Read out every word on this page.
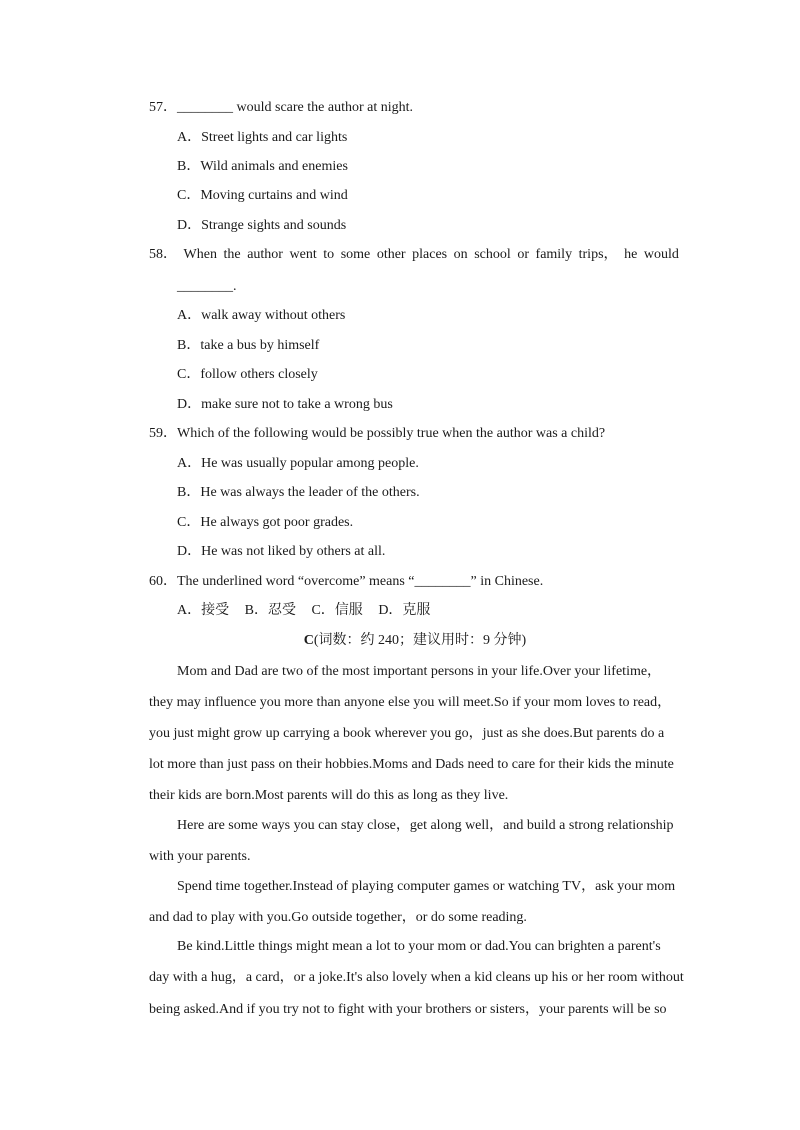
57．________ would scare the author at night.
A．Street lights and car lights
B．Wild animals and enemies
C．Moving curtains and wind
D．Strange sights and sounds
58． When the author went to some other places on school or family trips， he would
________.
A．walk away without others
B．take a bus by himself
C．follow others closely
D．make sure not to take a wrong bus
59．Which of the following would be possibly true when the author was a child?
A．He was usually popular among people.
B．He was always the leader of the others.
C．He always got poor grades.
D．He was not liked by others at all.
60．The underlined word “overcome” means “________” in Chinese.
A．接受 B．忍受 C．信服 D．克服
C(词数：约 240；建议用时：9 分钟)
Mom and Dad are two of the most important persons in your life.Over your lifetime，
they may influence you more than anyone else you will meet.So if your mom loves to read，
you just might grow up carrying a book wherever you go，just as she does.But parents do a
lot more than just pass on their hobbies.Moms and Dads need to care for their kids the minute
their kids are born.Most parents will do this as long as they live.
Here are some ways you can stay close，get along well，and build a strong relationship
with your parents.
Spend time together.Instead of playing computer games or watching TV，ask your mom
and dad to play with you.Go outside together，or do some reading.
Be kind.Little things might mean a lot to your mom or dad.You can brighten a parent's
day with a hug，a card，or a joke.It's also lovely when a kid cleans up his or her room without
being asked.And if you try not to fight with your brothers or sisters，your parents will be so
